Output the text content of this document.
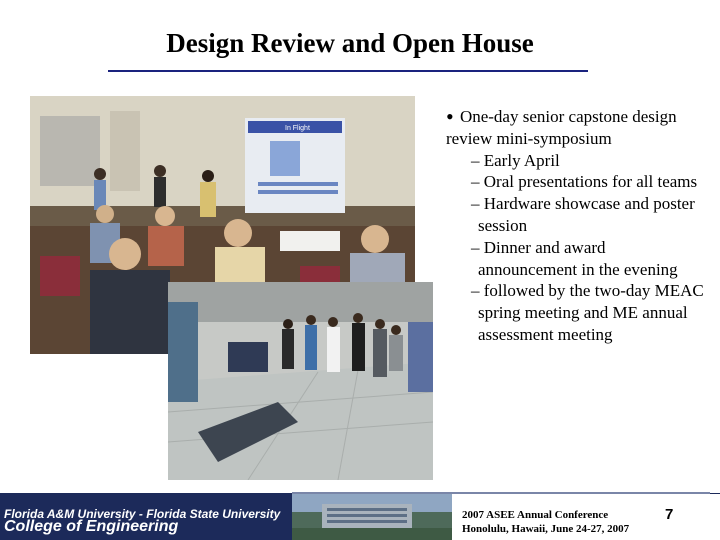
Design Review and Open House
In Flight	• One-day senior capstone design review mini-symposium
– Early April
– Oral presentations for all teams
– Hardware showcase and poster session
– Dinner and award announcement in the evening
– followed by the two-day MEAC spring meeting and ME annual assessment meeting
Florida A&M University - Florida State University
College of Engineering
2007 ASEE Annual Conference
Honolulu, Hawaii, June 24-27, 2007
7
